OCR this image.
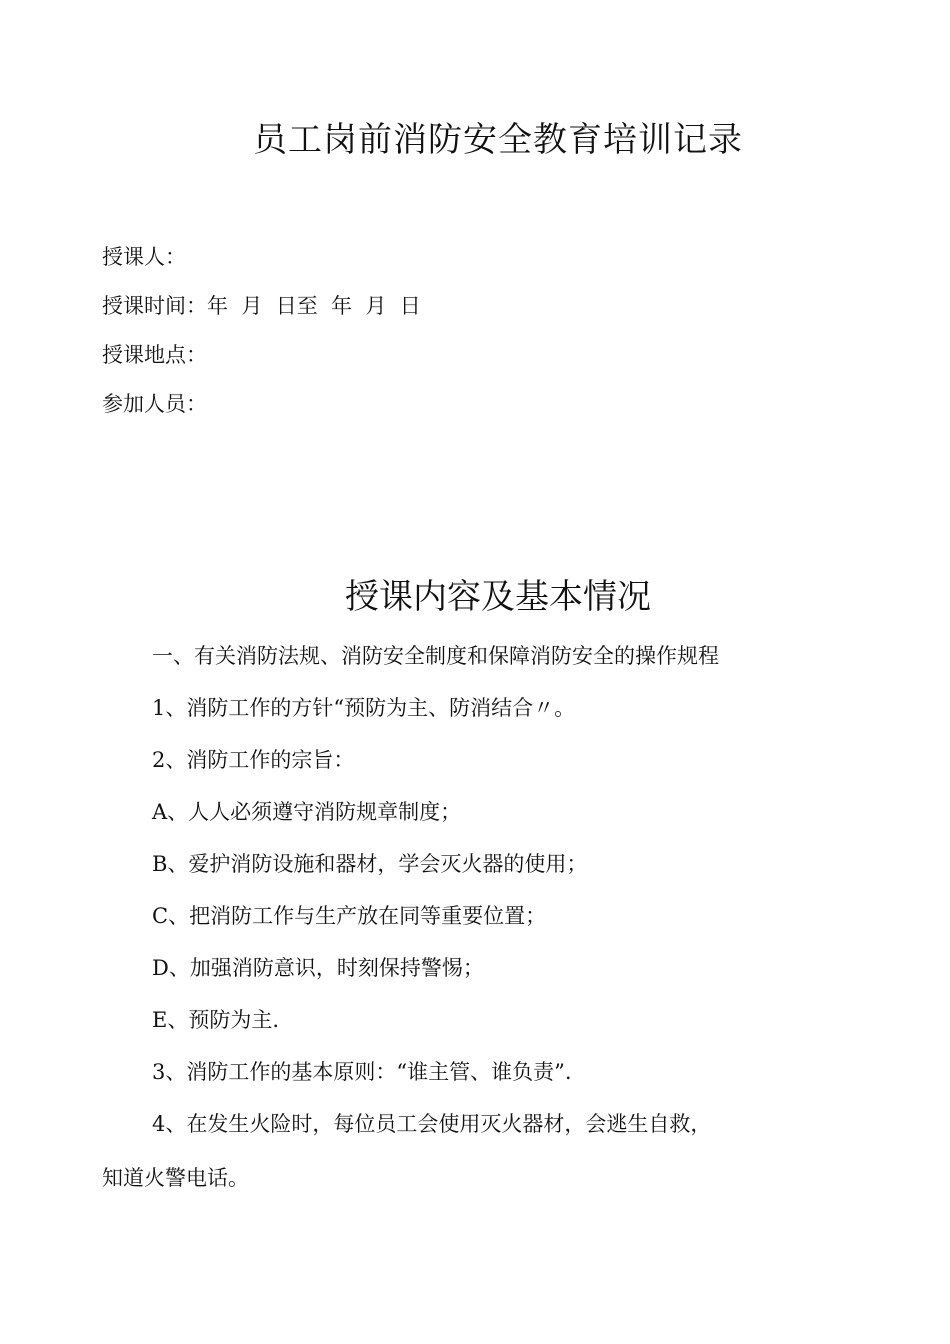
员工岗前消防安全教育培训记录

授课人：

授课时间：年  月  日至  年  月  日

授课地点：

参加人员：

授课内容及基本情况

一、有关消防法规、消防安全制度和保障消防安全的操作规程

1、消防工作的方针“预防为主、防消结合〃。

2、消防工作的宗旨：

A、人人必须遵守消防规章制度；

B、爱护消防设施和器材，学会灭火器的使用；

C、把消防工作与生产放在同等重要位置；

D、加强消防意识，时刻保持警惕；

E、预防为主.

3、消防工作的基本原则：“谁主管、谁负责”.

4、在发生火险时，每位员工会使用灭火器材，会逃生自救，

知道火警电话。
